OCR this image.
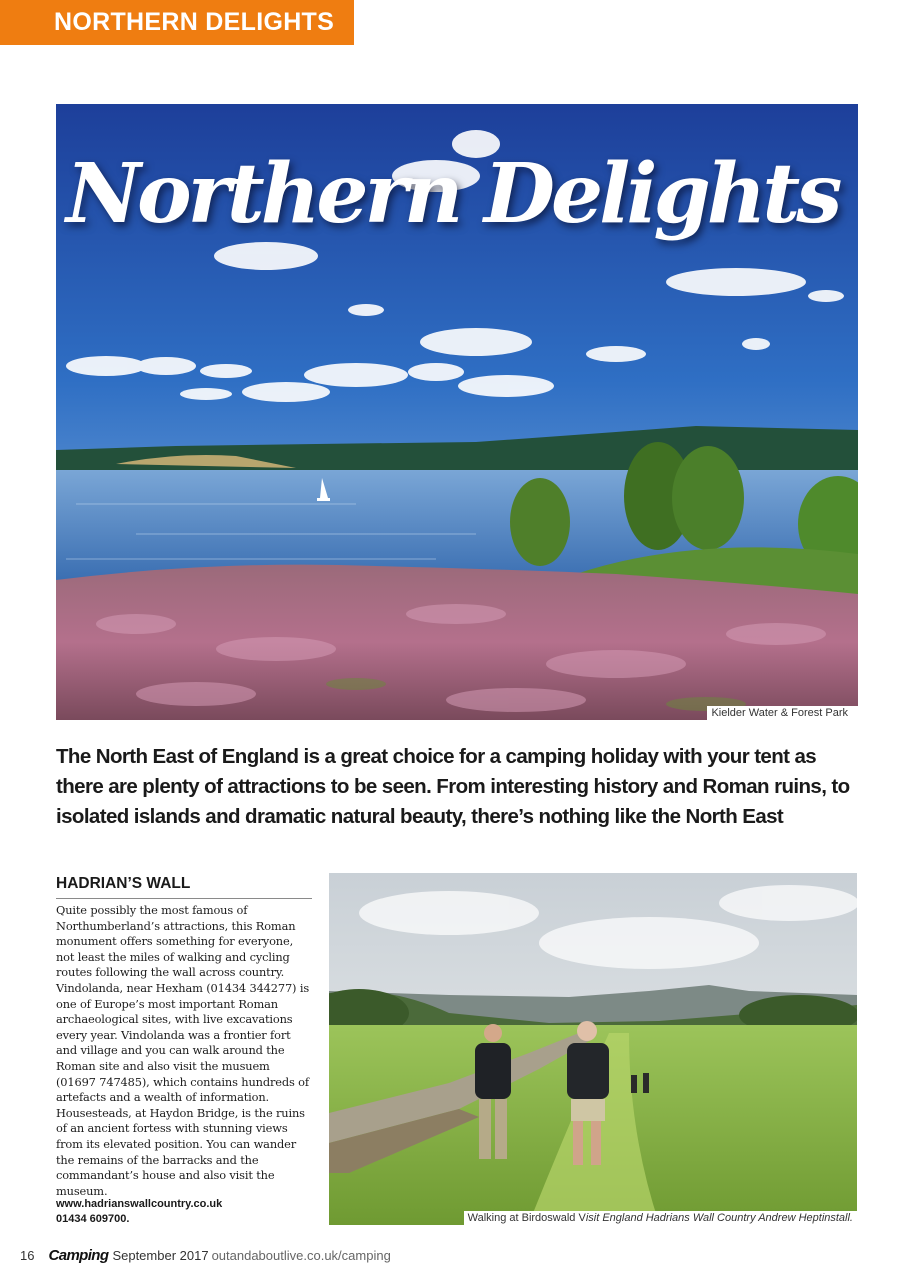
NORTHERN DELIGHTS
Northern Delights
Kielder Water & Forest Park
The North East of England is a great choice for a camping holiday with your tent as there are plenty of attractions to be seen. From interesting history and Roman ruins, to isolated islands and dramatic natural beauty, there’s nothing like the North East
HADRIAN’S WALL
Quite possibly the most famous of Northumberland’s attractions, this Roman monument offers something for everyone, not least the miles of walking and cycling routes following the wall across country. Vindolanda, near Hexham (01434 344277) is one of Europe’s most important Roman archaeological sites, with live excavations every year. Vindolanda was a frontier fort and village and you can walk around the Roman site and also visit the musuem (01697 747485), which contains hundreds of artefacts and a wealth of information. Housesteads, at Haydon Bridge, is the ruins of an ancient fortess with stunning views from its elevated position. You can wander the remains of the barracks and the commandant’s house and also visit the museum.
www.hadrianswallcountry.co.uk
01434 609700.	Walking at Birdoswald Visit England Hadrians Wall Country Andrew Heptinstall.
16 Camping September 2017 outandaboutlive.co.uk/camping
